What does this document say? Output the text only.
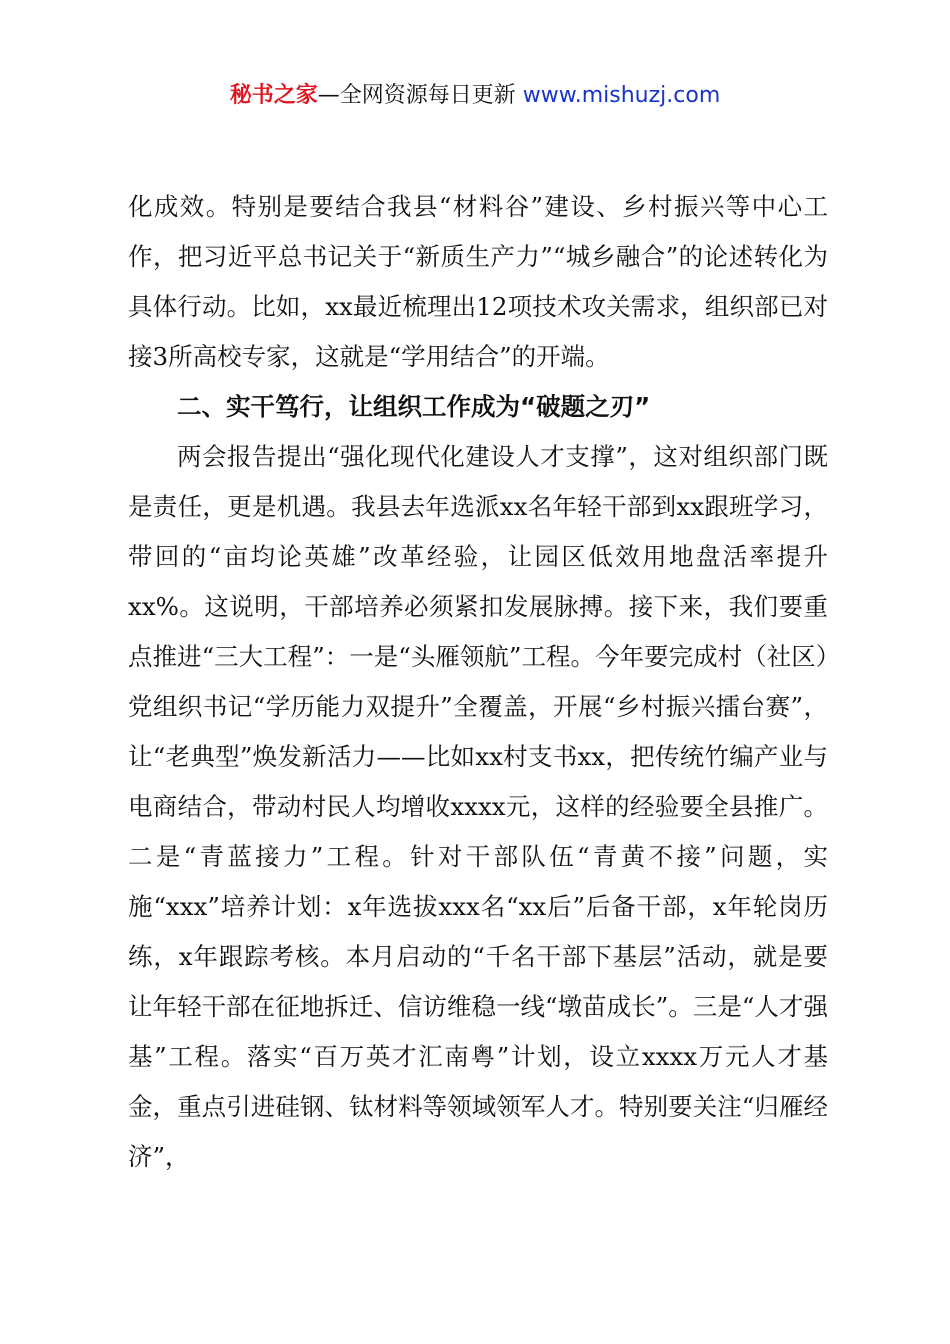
秘书之家—全网资源每日更新 www.mishuzj.com

化成效。特别是要结合我县“材料谷”建设、乡村振兴等中心工作，把习近平总书记关于“新质生产力”“城乡融合”的论述转化为具体行动。比如，xx最近梳理出12项技术攻关需求，组织部已对接3所高校专家，这就是“学用结合”的开端。

二、实干笃行，让组织工作成为“破题之刃”

两会报告提出“强化现代化建设人才支撑”，这对组织部门既是责任，更是机遇。我县去年选派xx名年轻干部到xx跟班学习，带回的“亩均论英雄”改革经验，让园区低效用地盘活率提升xx%。这说明，干部培养必须紧扣发展脉搏。接下来，我们要重点推进“三大工程”：一是“头雁领航”工程。今年要完成村（社区）党组织书记“学历能力双提升”全覆盖，开展“乡村振兴擂台赛”，让“老典型”焕发新活力——比如xx村支书xx，把传统竹编产业与电商结合，带动村民人均增收xxxx元，这样的经验要全县推广。二是“青蓝接力”工程。针对干部队伍“青黄不接”问题，实施“xxx”培养计划：x年选拔xxx名“xx后”后备干部，x年轮岗历练，x年跟踪考核。本月启动的“千名干部下基层”活动，就是要让年轻干部在征地拆迁、信访维稳一线“墩苗成长”。三是“人才强基”工程。落实“百万英才汇南粤”计划，设立xxxx万元人才基金，重点引进硅钢、钛材料等领域领军人才。特别要关注“归雁经济”，
